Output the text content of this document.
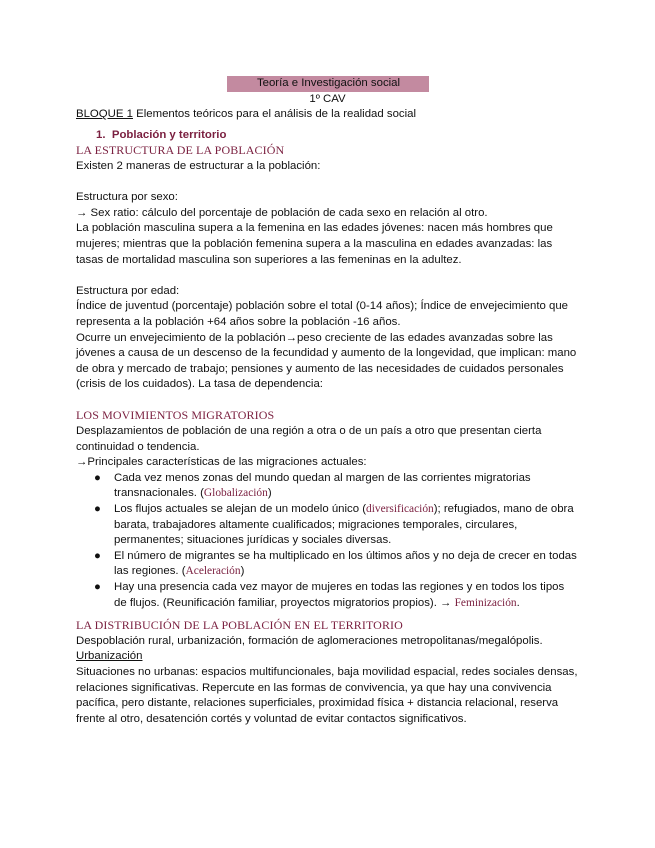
Teoría e Investigación social
1º CAV

BLOQUE 1 Elementos teóricos para el análisis de la realidad social

1. Población y territorio

LA ESTRUCTURA DE LA POBLACIÓN

Existen 2 maneras de estructurar a la población:

Estructura por sexo:

→ Sex ratio: cálculo del porcentaje de población de cada sexo en relación al otro.

La población masculina supera a la femenina en las edades jóvenes: nacen más hombres que mujeres; mientras que la población femenina supera a la masculina en edades avanzadas: las tasas de mortalidad masculina son superiores a las femeninas en la adultez.

Estructura por edad:

Índice de juventud (porcentaje) población sobre el total (0-14 años); Índice de envejecimiento que representa a la población +64 años sobre la población -16 años.

Ocurre un envejecimiento de la población→peso creciente de las edades avanzadas sobre las jóvenes a causa de un descenso de la fecundidad y aumento de la longevidad, que implican: mano de obra y mercado de trabajo; pensiones y aumento de las necesidades de cuidados personales (crisis de los cuidados). La tasa de dependencia:

LOS MOVIMIENTOS MIGRATORIOS

Desplazamientos de población de una región a otra o de un país a otro que presentan cierta continuidad o tendencia.

→Principales características de las migraciones actuales:

● Cada vez menos zonas del mundo quedan al margen de las corrientes migratorias transnacionales. (Globalización)
● Los flujos actuales se alejan de un modelo único (diversificación); refugiados, mano de obra barata, trabajadores altamente cualificados; migraciones temporales, circulares, permanentes; situaciones jurídicas y sociales diversas.
● El número de migrantes se ha multiplicado en los últimos años y no deja de crecer en todas las regiones. (Aceleración)
● Hay una presencia cada vez mayor de mujeres en todas las regiones y en todos los tipos de flujos. (Reunificación familiar, proyectos migratorios propios). → Feminización.

LA DISTRIBUCIÓN DE LA POBLACIÓN EN EL TERRITORIO

Despoblación rural, urbanización, formación de aglomeraciones metropolitanas/megalópolis.

Urbanización

Situaciones no urbanas: espacios multifuncionales, baja movilidad espacial, redes sociales densas, relaciones significativas. Repercute en las formas de convivencia, ya que hay una convivencia pacífica, pero distante, relaciones superficiales, proximidad física + distancia relacional, reserva frente al otro, desatención cortés y voluntad de evitar contactos significativos.
